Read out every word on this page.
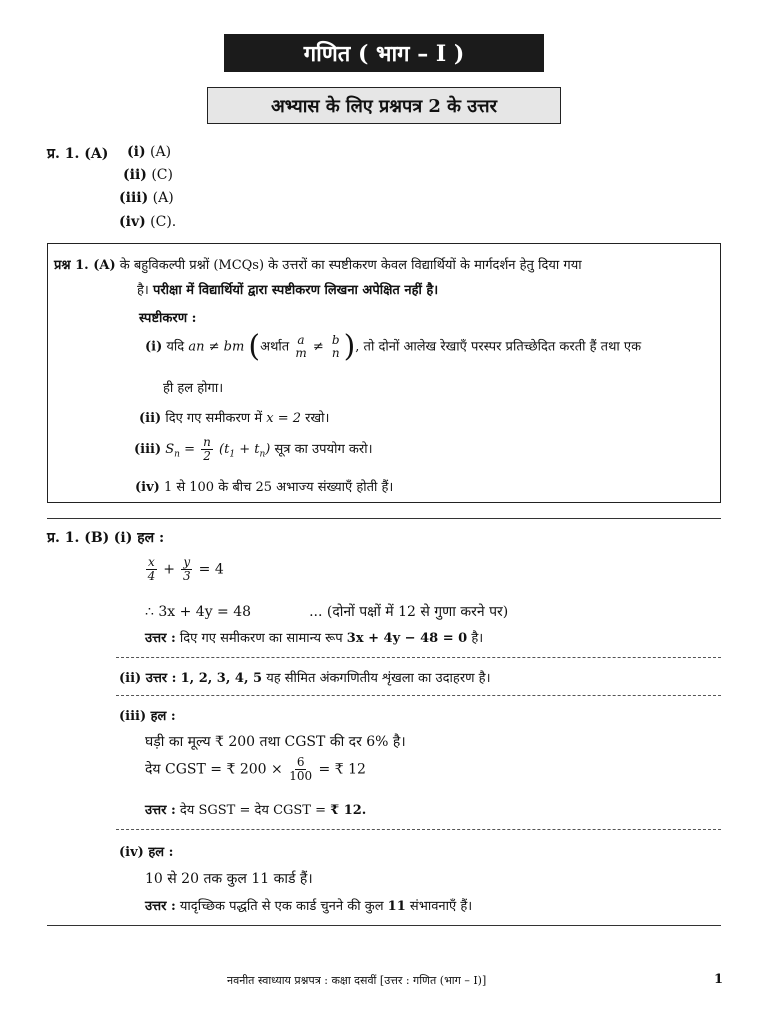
गणित ( भाग – I )
अभ्यास के लिए प्रश्नपत्र 2 के उत्तर
प्र. 1. (A) (i) (A)
(ii) (C)
(iii) (A)
(iv) (C).
प्रश्न 1. (A) के बहुविकल्पी प्रश्नों (MCQs) के उत्तरों का स्पष्टीकरण केवल विद्यार्थियों के मार्गदर्शन हेतु दिया गया
है। परीक्षा में विद्यार्थियों द्वारा स्पष्टीकरण लिखना अपेक्षित नहीं है।
स्पष्टीकरण :
(i) यदि an ≠ bm (अर्थात a
m ≠ b
n ), तो दोनों आलेख रेखाएँ परस्पर प्रतिच्छेदित करती हैं तथा एक
ही हल होगा।
(ii) दिए गए समीकरण में x = 2 रखो।
(iii) $S_n = \frac{n}{2} (t_1 + t_n)$ सूत्र का उपयोग करो।
(iv) 1 से 100 के बीच 25 अभाज्य संख्याएँ होती हैं।
प्र. 1. (B) (i) हल :
$\frac{x}{4} + \frac{y}{3} = 4$
∴ 3x + 4y = 48	... (दोनों पक्षों में 12 से गुणा करने पर)
उत्तर : दिए गए समीकरण का सामान्य रूप 3x + 4y − 48 = 0 है।
(ii) उत्तर : 1, 2, 3, 4, 5 यह सीमित अंकगणितीय शृंखला का उदाहरण है।
(iii) हल :
घड़ी का मूल्य ₹ 200 तथा CGST की दर 6% है।
देय CGST = ₹ $200 \times \frac{6}{100}$ = ₹ 12
उत्तर : देय SGST = देय CGST = ₹ 12.
(iv) हल :
10 से 20 तक कुल 11 कार्ड हैं।
उत्तर : यादृच्छिक पद्धति से एक कार्ड चुनने की कुल 11 संभावनाएँ हैं।
नवनीत स्वाध्याय प्रश्नपत्र : कक्षा दसवीं [उत्तर : गणित (भाग – I)]	1
